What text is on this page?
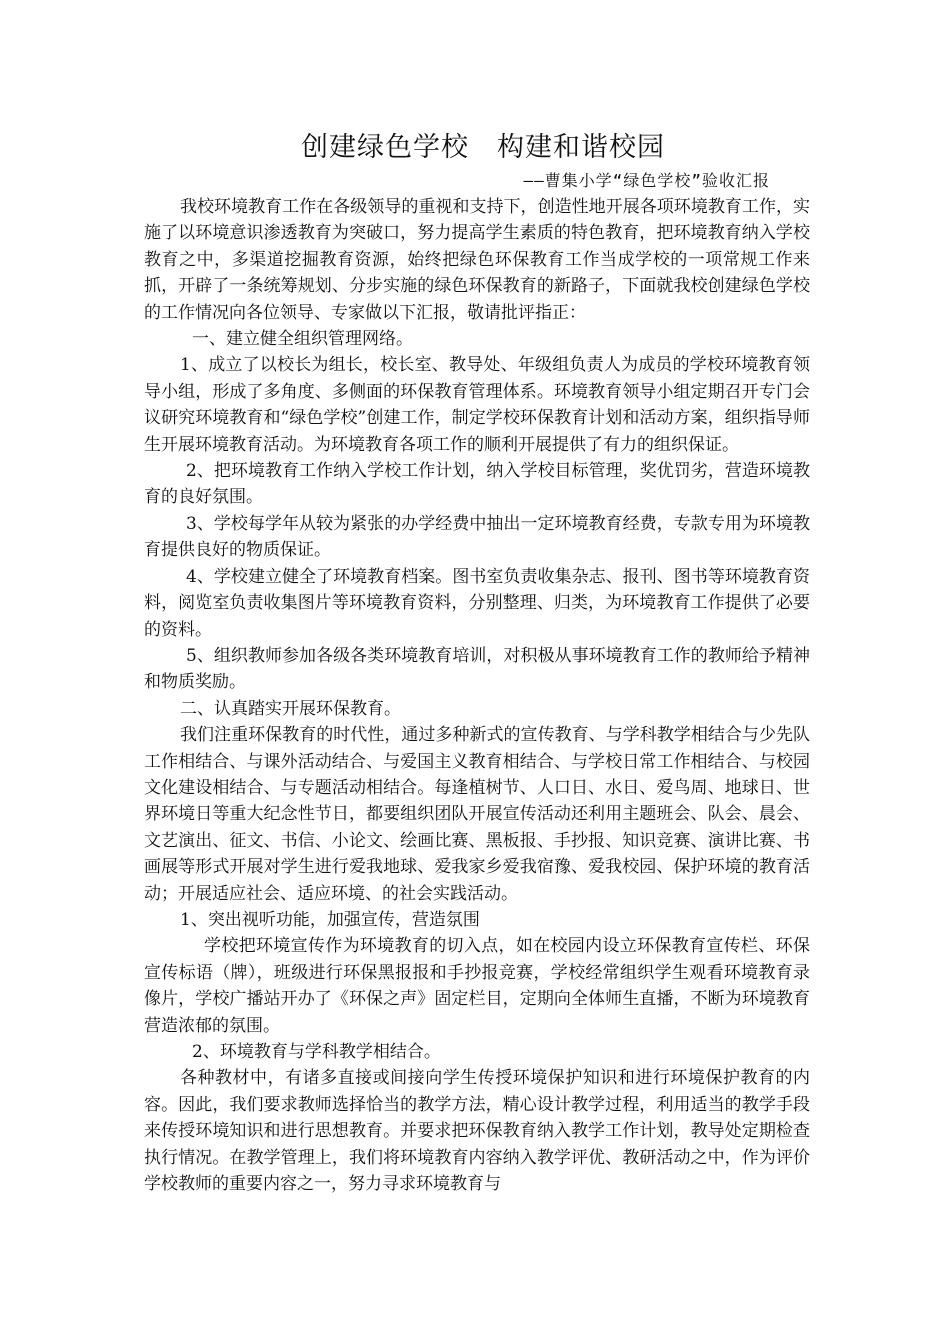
创建绿色学校　构建和谐校园
——曹集小学“绿色学校”验收汇报

我校环境教育工作在各级领导的重视和支持下，创造性地开展各项环境教育工作，实施了以环境意识渗透教育为突破口，努力提高学生素质的特色教育，把环境教育纳入学校教育之中，多渠道挖掘教育资源，始终把绿色环保教育工作当成学校的一项常规工作来抓，开辟了一条统筹规划、分步实施的绿色环保教育的新路子，下面就我校创建绿色学校的工作情况向各位领导、专家做以下汇报，敬请批评指正：

一、建立健全组织管理网络。

1、成立了以校长为组长，校长室、教导处、年级组负责人为成员的学校环境教育领导小组，形成了多角度、多侧面的环保教育管理体系。环境教育领导小组定期召开专门会议研究环境教育和“绿色学校”创建工作，制定学校环保教育计划和活动方案，组织指导师生开展环境教育活动。为环境教育各项工作的顺利开展提供了有力的组织保证。

2、把环境教育工作纳入学校工作计划，纳入学校目标管理，奖优罚劣，营造环境教育的良好氛围。

3、学校每学年从较为紧张的办学经费中抽出一定环境教育经费，专款专用为环境教育提供良好的物质保证。

4、学校建立健全了环境教育档案。图书室负责收集杂志、报刊、图书等环境教育资料，阅览室负责收集图片等环境教育资料，分别整理、归类，为环境教育工作提供了必要的资料。

5、组织教师参加各级各类环境教育培训，对积极从事环境教育工作的教师给予精神和物质奖励。

二、认真踏实开展环保教育。

我们注重环保教育的时代性，通过多种新式的宣传教育、与学科教学相结合与少先队工作相结合、与课外活动结合、与爱国主义教育相结合、与学校日常工作相结合、与校园文化建设相结合、与专题活动相结合。每逢植树节、人口日、水日、爱鸟周、地球日、世界环境日等重大纪念性节日，都要组织团队开展宣传活动还利用主题班会、队会、晨会、文艺演出、征文、书信、小论文、绘画比赛、黑板报、手抄报、知识竞赛、演讲比赛、书画展等形式开展对学生进行爱我地球、爱我家乡爱我宿豫、爱我校园、保护环境的教育活动；开展适应社会、适应环境、的社会实践活动。

1、突出视听功能，加强宣传，营造氛围

学校把环境宣传作为环境教育的切入点，如在校园内设立环保教育宣传栏、环保宣传标语（牌），班级进行环保黑报报和手抄报竞赛，学校经常组织学生观看环境教育录像片，学校广播站开办了《环保之声》固定栏目，定期向全体师生直播，不断为环境教育营造浓郁的氛围。

2、环境教育与学科教学相结合。

各种教材中，有诸多直接或间接向学生传授环境保护知识和进行环境保护教育的内容。因此，我们要求教师选择恰当的教学方法，精心设计教学过程，利用适当的教学手段来传授环境知识和进行思想教育。并要求把环保教育纳入教学工作计划，教导处定期检查执行情况。在教学管理上，我们将环境教育内容纳入教学评优、教研活动之中，作为评价学校教师的重要内容之一，努力寻求环境教育与
